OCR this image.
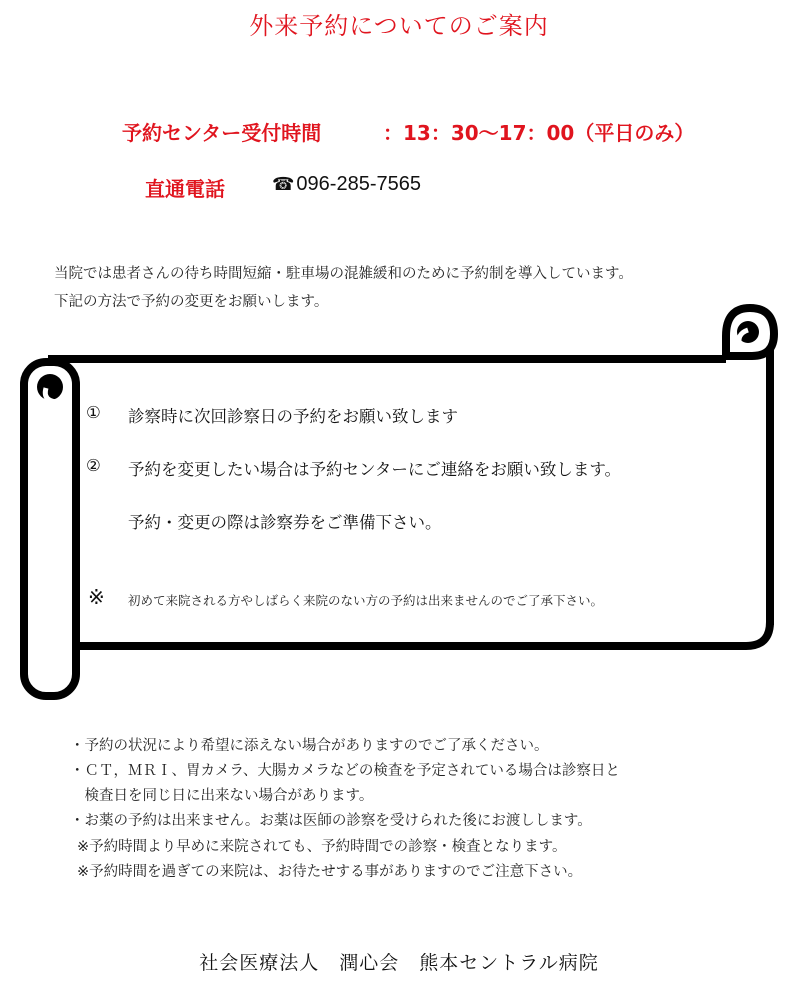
外来予約についてのご案内
予約センター受付時間	：13：30～17：00（平日のみ）
直通電話	☎ 096-285-7565
当院では患者さんの待ち時間短縮・駐車場の混雑緩和のために予約制を導入しています。
下記の方法で予約の変更をお願いします。
① 診察時に次回診察日の予約をお願い致します
② 予約を変更したい場合は予約センターにご連絡をお願い致します。
予約・変更の際は診察券をご準備下さい。
※ 初めて来院される方やしばらく来院のない方の予約は出来ませんのでご了承下さい。
・予約の状況により希望に添えない場合がありますのでご了承ください。
・ＣＴ，ＭＲＩ、胃カメラ、大腸カメラなどの検査を予定されている場合は診察日と
　検査日を同じ日に出来ない場合があります。
・お薬の予約は出来ません。お薬は医師の診察を受けられた後にお渡しします。
※予約時間より早めに来院されても、予約時間での診察・検査となります。
※予約時間を過ぎての来院は、お待たせする事がありますのでご注意下さい。
社会医療法人　潤心会　熊本セントラル病院
